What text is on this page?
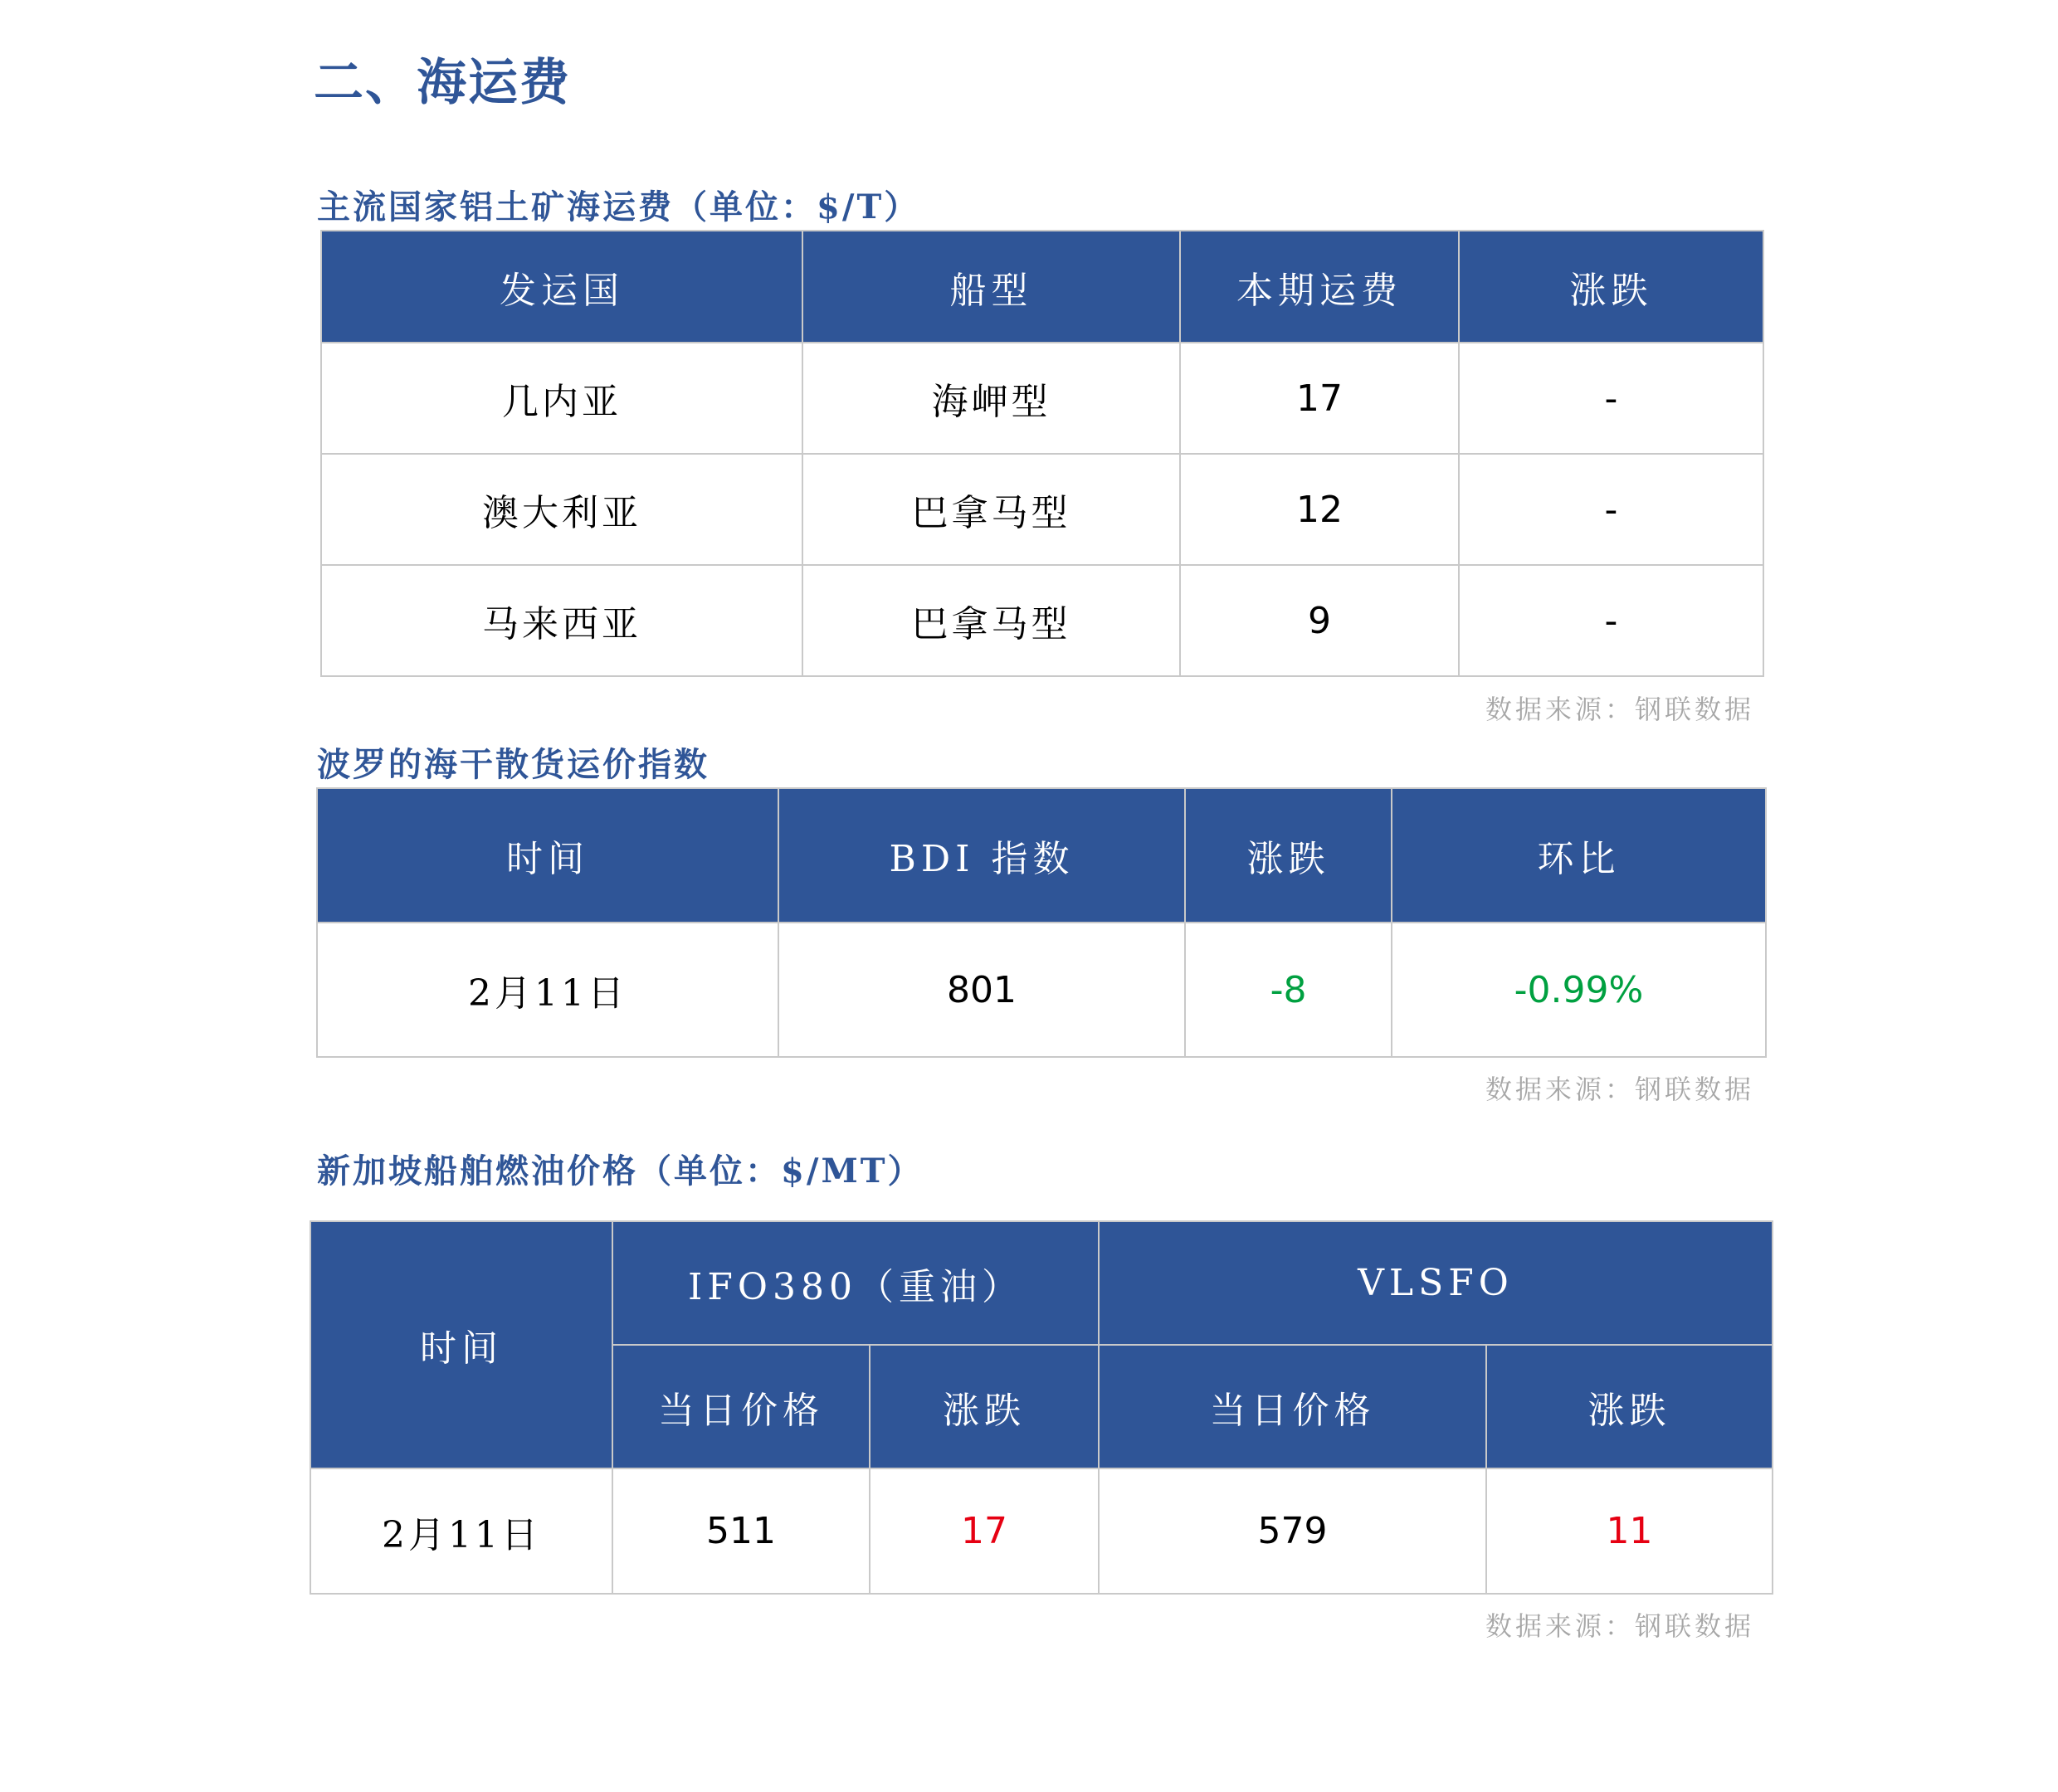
二、海运费
主流国家铝土矿海运费（单位：$/T）
发运国	船型	本期运费	涨跌
几内亚	海岬型	17	-
澳大利亚	巴拿马型	12	-
马来西亚	巴拿马型	9	-
数据来源：钢联数据
波罗的海干散货运价指数
时间	BDI 指数	涨跌	环比
2月11日	801	-8	-0.99%
数据来源：钢联数据
新加坡船舶燃油价格（单位：$/MT）
时间	IFO380（重油）		VLSFO	
	当日价格	涨跌	当日价格	涨跌
2月11日	511	17	579	11
数据来源：钢联数据
